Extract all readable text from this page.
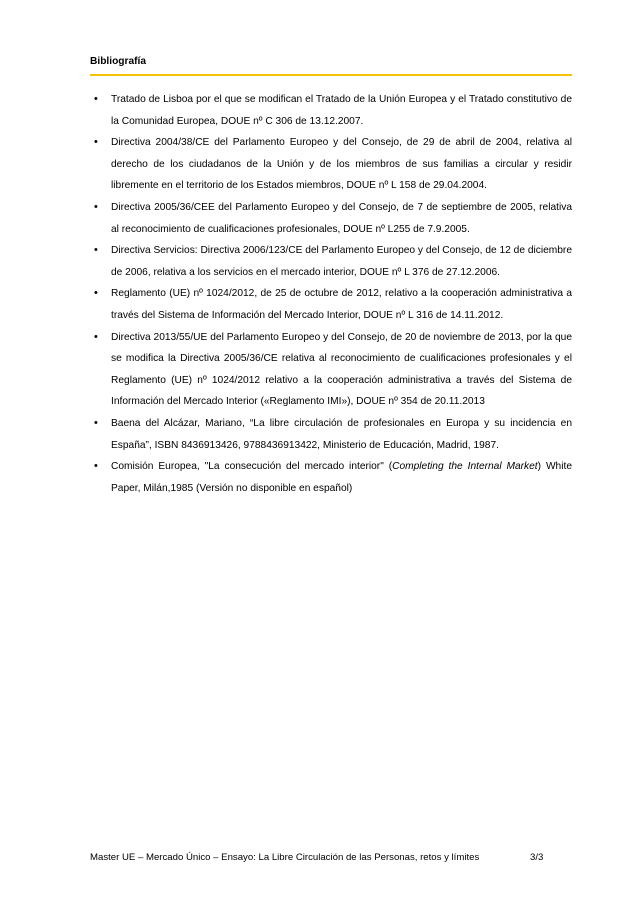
Bibliografía
• Tratado de Lisboa por el que se modifican el Tratado de la Unión Europea y el Tratado constitutivo de la Comunidad Europea, DOUE nº C 306 de 13.12.2007.
• Directiva 2004/38/CE del Parlamento Europeo y del Consejo, de 29 de abril de 2004, relativa al derecho de los ciudadanos de la Unión y de los miembros de sus familias a circular y residir libremente en el territorio de los Estados miembros, DOUE nº L 158 de 29.04.2004.
• Directiva 2005/36/CEE del Parlamento Europeo y del Consejo, de 7 de septiembre de 2005, relativa al reconocimiento de cualificaciones profesionales, DOUE nº L255 de 7.9.2005.
• Directiva Servicios: Directiva 2006/123/CE del Parlamento Europeo y del Consejo, de 12 de diciembre de 2006, relativa a los servicios en el mercado interior, DOUE nº L 376 de 27.12.2006.
• Reglamento (UE) nº 1024/2012, de 25 de octubre de 2012, relativo a la cooperación administrativa a través del Sistema de Información del Mercado Interior, DOUE nº L 316 de 14.11.2012.
• Directiva 2013/55/UE del Parlamento Europeo y del Consejo, de 20 de noviembre de 2013, por la que se modifica la Directiva 2005/36/CE relativa al reconocimiento de cualificaciones profesionales y el Reglamento (UE) nº 1024/2012 relativo a la cooperación administrativa a través del Sistema de Información del Mercado Interior («Reglamento IMI»), DOUE nº 354 de 20.11.2013
• Baena del Alcázar, Mariano, “La libre circulación de profesionales en Europa y su incidencia en España”, ISBN 8436913426, 9788436913422, Ministerio de Educación, Madrid, 1987.
• Comisión Europea, "La consecución del mercado interior" (Completing the Internal Market) White Paper, Milán,1985 (Versión no disponible en español)
Master UE – Mercado Único – Ensayo: La Libre Circulación de las Personas, retos y límites	3/3
